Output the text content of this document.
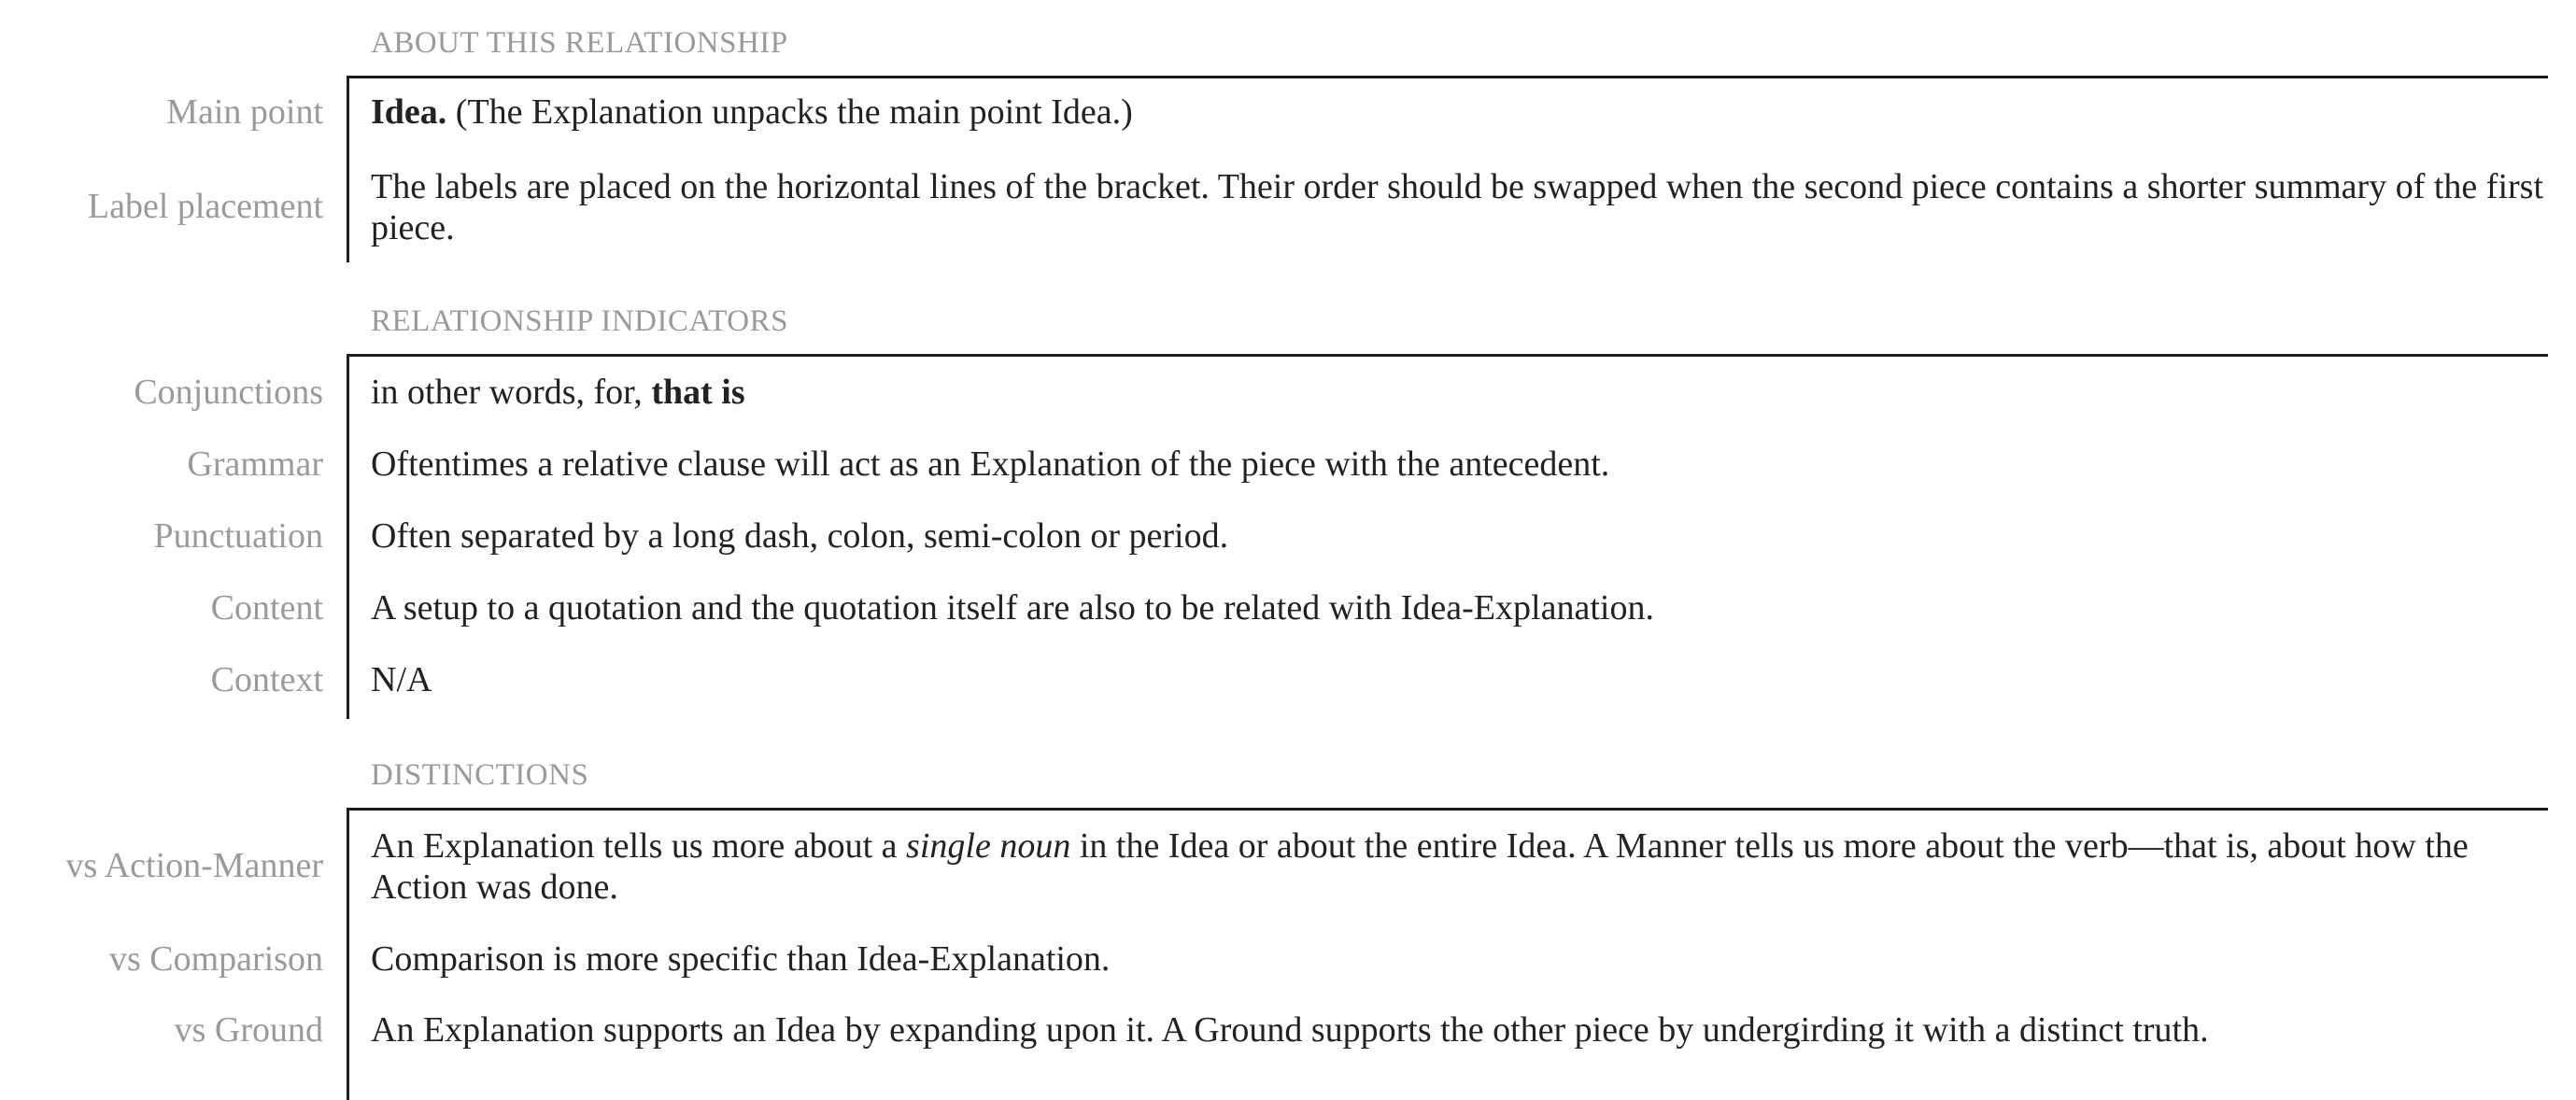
ABOUT THIS RELATIONSHIP
Main point Idea. (The Explanation unpacks the main point Idea.)
Label placement The labels are placed on the horizontal lines of the bracket. Their order should be swapped when the second piece contains a shorter summary of the first piece.
RELATIONSHIP INDICATORS
Conjunctions in other words, for, that is
Grammar Oftentimes a relative clause will act as an Explanation of the piece with the antecedent.
Punctuation Often separated by a long dash, colon, semi-colon or period.
Content A setup to a quotation and the quotation itself are also to be related with Idea-Explanation.
Context N/A
DISTINCTIONS
vs Action-Manner An Explanation tells us more about a single noun in the Idea or about the entire Idea. A Manner tells us more about the verb—that is, about how the Action was done.
vs Comparison Comparison is more specific than Idea-Explanation.
vs Ground An Explanation supports an Idea by expanding upon it. A Ground supports the other piece by undergirding it with a distinct truth.
